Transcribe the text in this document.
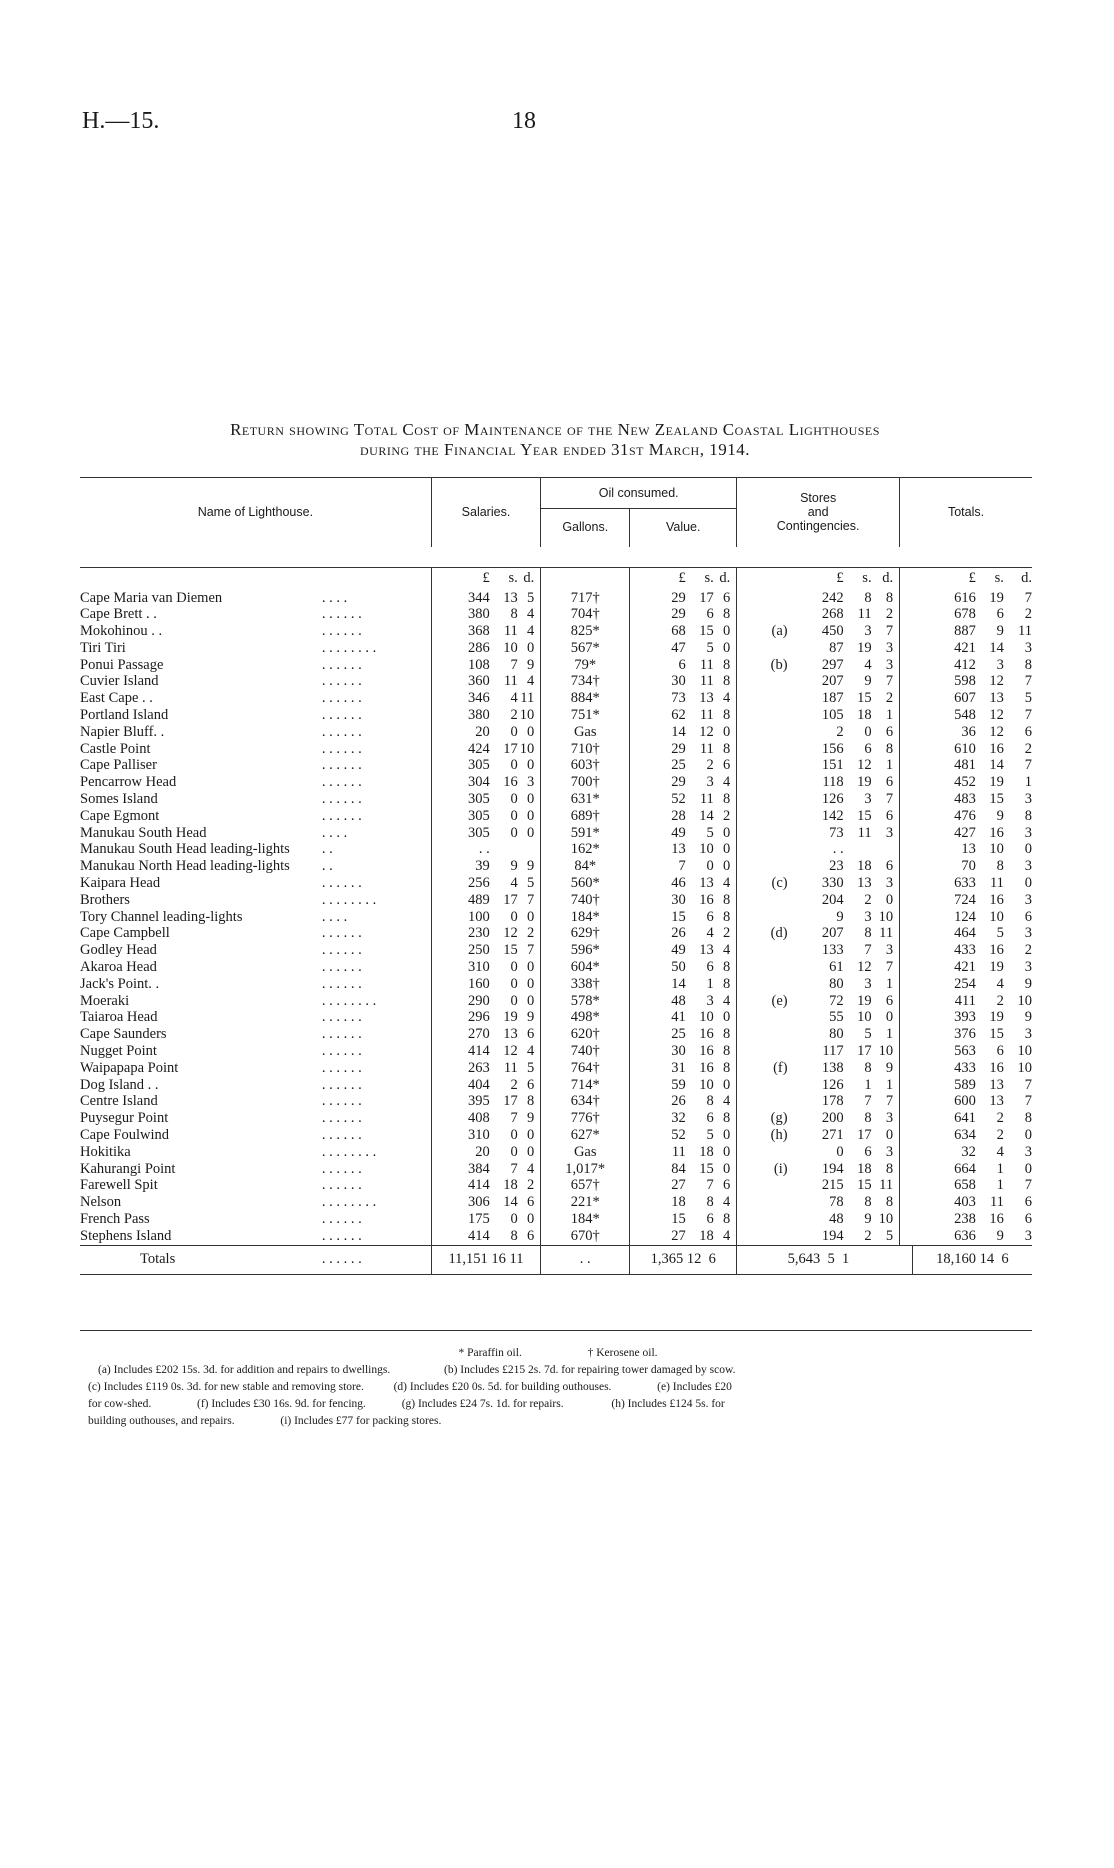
H.—15.	18
Return showing Total Cost of Maintenance of the New Zealand Coastal Lighthouses
during the Financial Year ended 31st March, 1914.

Name of Lighthouse.		Salaries.			Oil consumed.				Stores
and
Contingencies.					Totals.			
					Gallons.	Value.											

		£	s.	d.		£	s.	d.			£	s.	d.		£	s.	d.
Cape Maria van Diemen	. . . .	344	13	5	717†	29	17	6			242	8	8		616	19	7
Cape Brett . .	. . . . . .	380	8	4	704†	29	6	8			268	11	2		678	6	2
Mokohinou . .	. . . . . .	368	11	4	825*	68	15	0		(a)	450	3	7		887	9	11
Tiri Tiri	. . . . . . . .	286	10	0	567*	47	5	0			87	19	3		421	14	3
Ponui Passage	. . . . . .	108	7	9	79*	6	11	8		(b)	297	4	3		412	3	8
Cuvier Island	. . . . . .	360	11	4	734†	30	11	8			207	9	7		598	12	7
East Cape . .	. . . . . .	346	4	11	884*	73	13	4			187	15	2		607	13	5
Portland Island	. . . . . .	380	2	10	751*	62	11	8			105	18	1		548	12	7
Napier Bluff. .	. . . . . .	20	0	0	Gas	14	12	0			2	0	6		36	12	6
Castle Point	. . . . . .	424	17	10	710†	29	11	8			156	6	8		610	16	2
Cape Palliser	. . . . . .	305	0	0	603†	25	2	6			151	12	1		481	14	7
Pencarrow Head	. . . . . .	304	16	3	700†	29	3	4			118	19	6		452	19	1
Somes Island	. . . . . .	305	0	0	631*	52	11	8			126	3	7		483	15	3
Cape Egmont	. . . . . .	305	0	0	689†	28	14	2			142	15	6		476	9	8
Manukau South Head	. . . .	305	0	0	591*	49	5	0			73	11	3		427	16	3
Manukau South Head leading-lights	. .	. .			162*	13	10	0			. .				13	10	0
Manukau North Head leading-lights	. .	39	9	9	84*	7	0	0			23	18	6		70	8	3
Kaipara Head	. . . . . .	256	4	5	560*	46	13	4		(c)	330	13	3		633	11	0
Brothers	. . . . . . . .	489	17	7	740†	30	16	8			204	2	0		724	16	3
Tory Channel leading-lights	. . . .	100	0	0	184*	15	6	8			9	3	10		124	10	6
Cape Campbell	. . . . . .	230	12	2	629†	26	4	2		(d)	207	8	11		464	5	3
Godley Head	. . . . . .	250	15	7	596*	49	13	4			133	7	3		433	16	2
Akaroa Head	. . . . . .	310	0	0	604*	50	6	8			61	12	7		421	19	3
Jack's Point. .	. . . . . .	160	0	0	338†	14	1	8			80	3	1		254	4	9
Moeraki	. . . . . . . .	290	0	0	578*	48	3	4		(e)	72	19	6		411	2	10
Taiaroa Head	. . . . . .	296	19	9	498*	41	10	0			55	10	0		393	19	9
Cape Saunders	. . . . . .	270	13	6	620†	25	16	8			80	5	1		376	15	3
Nugget Point	. . . . . .	414	12	4	740†	30	16	8			117	17	10		563	6	10
Waipapapa Point	. . . . . .	263	11	5	764†	31	16	8		(f)	138	8	9		433	16	10
Dog Island . .	. . . . . .	404	2	6	714*	59	10	0			126	1	1		589	13	7
Centre Island	. . . . . .	395	17	8	634†	26	8	4			178	7	7		600	13	7
Puysegur Point	. . . . . .	408	7	9	776†	32	6	8		(g)	200	8	3		641	2	8
Cape Foulwind	. . . . . .	310	0	0	627*	52	5	0		(h)	271	17	0		634	2	0
Hokitika	. . . . . . . .	20	0	0	Gas	11	18	0			0	6	3		32	4	3
Kahurangi Point	. . . . . .	384	7	4	1,017*	84	15	0		(i)	194	18	8		664	1	0
Farewell Spit	. . . . . .	414	18	2	657†	27	7	6			215	15	11		658	1	7
Nelson	. . . . . . . .	306	14	6	221*	18	8	4			78	8	8		403	11	6
French Pass	. . . . . .	175	0	0	184*	15	6	8			48	9	10		238	16	6
Stephens Island	. . . . . .	414	8	6	670†	27	18	4			194	2	5		636	9	3
Totals	. . . . . .	11,151 16 11			. .	1,365 12  6			5,643  5  1						18,160 14  6		
* Paraffin oil.	† Kerosene oil.
(a) Includes £202 15s. 3d. for addition and repairs to dwellings.	(b) Includes £215 2s. 7d. for repairing tower damaged by scow.
(c) Includes £119 0s. 3d. for new stable and removing store.	(d) Includes £20 0s. 5d. for building outhouses.	(e) Includes £20
for cow-shed.	(f) Includes £30 16s. 9d. for fencing.	(g) Includes £24 7s. 1d. for repairs.	(h) Includes £124 5s. for
building outhouses, and repairs.	(i) Includes £77 for packing stores.
